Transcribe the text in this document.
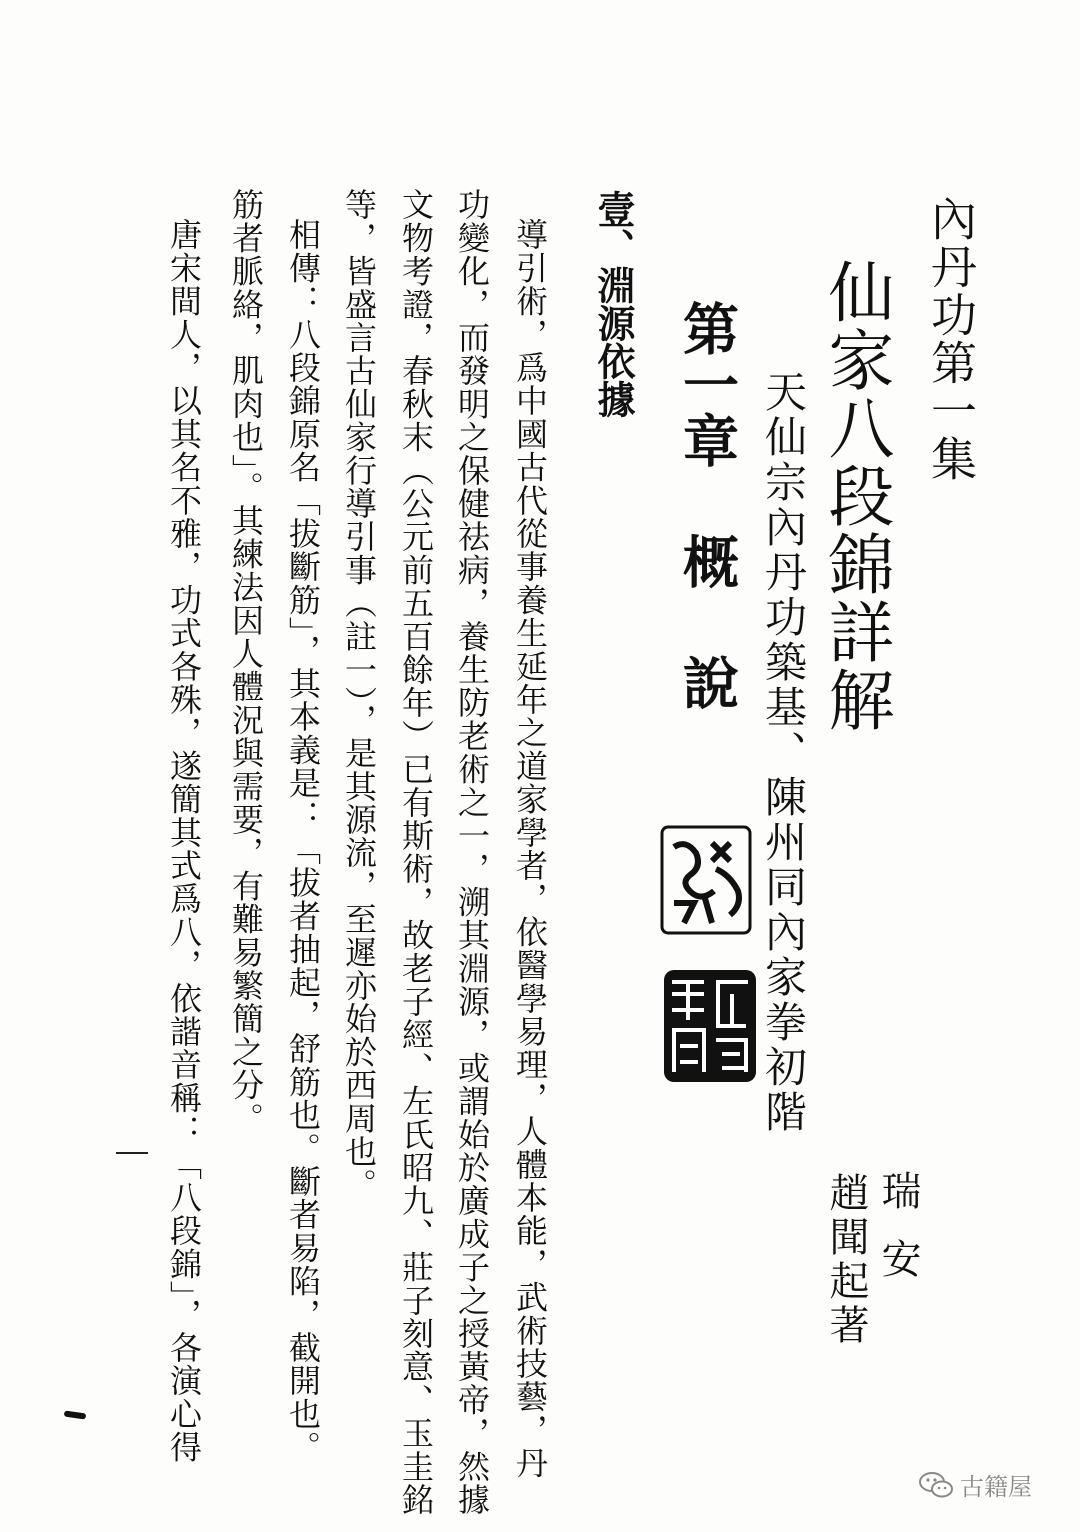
內丹功第一集
仙家八段錦詳解
天仙宗內丹功築基、陳州同內家拳初階
第一章 概 說
瑞安
趙聞起著
壹、淵源依據
導引術，爲中國古代從事養生延年之道家學者，依醫學易理，人體本能，武術技藝，丹
功變化，而發明之保健祛病，養生防老術之一，溯其淵源，或謂始於廣成子之授黃帝，然據
文物考證，春秋末（公元前五百餘年）已有斯術，故老子經、左氏昭九、莊子刻意、玉圭銘
等，皆盛言古仙家行導引事（註一），是其源流，至遲亦始於西周也。
相傳：八段錦原名「拔斷筋」，其本義是：「拔者抽起，舒筋也。斷者易陷，截開也。
筋者脈絡，肌肉也」。其練法因人體況與需要，有難易繁簡之分。
唐宋間人，以其名不雅，功式各殊，遂簡其式爲八，依諧音稱：「八段錦」，各演心得
古籍屋
